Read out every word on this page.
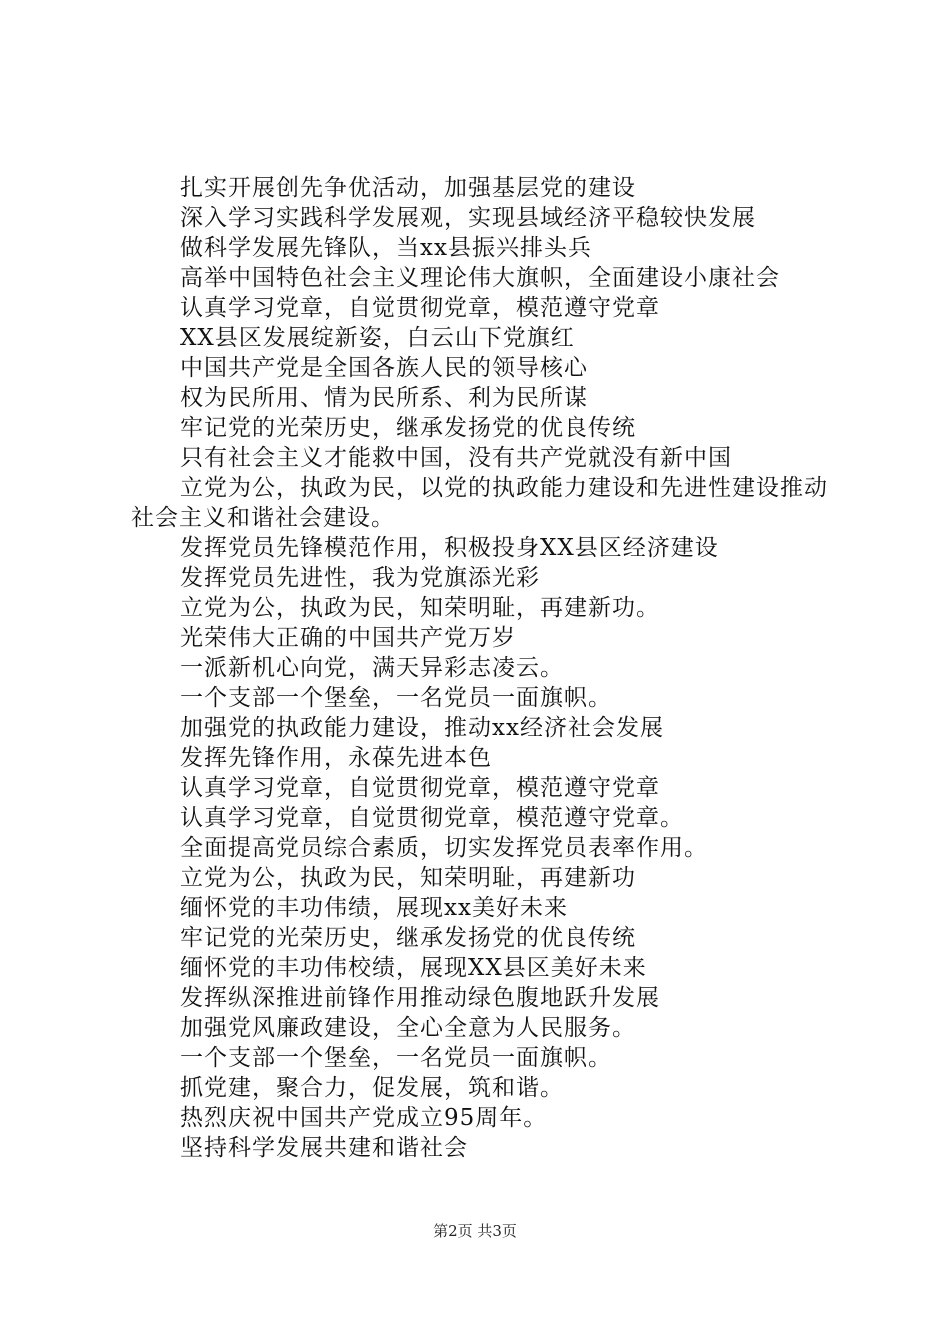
扎实开展创先争优活动，加强基层党的建设

深入学习实践科学发展观，实现县域经济平稳较快发展

做科学发展先锋队，当xx县振兴排头兵

高举中国特色社会主义理论伟大旗帜，全面建设小康社会

认真学习党章，自觉贯彻党章，模范遵守党章

XX县区发展绽新姿，白云山下党旗红

中国共产党是全国各族人民的领导核心

权为民所用、情为民所系、利为民所谋

牢记党的光荣历史，继承发扬党的优良传统

只有社会主义才能救中国，没有共产党就没有新中国

立党为公，执政为民，以党的执政能力建设和先进性建设推动社会主义和谐社会建设。

发挥党员先锋模范作用，积极投身XX县区经济建设

发挥党员先进性，我为党旗添光彩

立党为公，执政为民，知荣明耻，再建新功。

光荣伟大正确的中国共产党万岁

一派新机心向党，满天异彩志凌云。

一个支部一个堡垒，一名党员一面旗帜。

加强党的执政能力建设，推动xx经济社会发展

发挥先锋作用，永葆先进本色

认真学习党章，自觉贯彻党章，模范遵守党章

认真学习党章，自觉贯彻党章，模范遵守党章。

全面提高党员综合素质，切实发挥党员表率作用。

立党为公，执政为民，知荣明耻，再建新功

缅怀党的丰功伟绩，展现xx美好未来

牢记党的光荣历史，继承发扬党的优良传统

缅怀党的丰功伟校绩，展现XX县区美好未来

发挥纵深推进前锋作用推动绿色腹地跃升发展

加强党风廉政建设，全心全意为人民服务。

一个支部一个堡垒，一名党员一面旗帜。

抓党建，聚合力，促发展，筑和谐。

热烈庆祝中国共产党成立95周年。

坚持科学发展共建和谐社会

第2页 共3页
